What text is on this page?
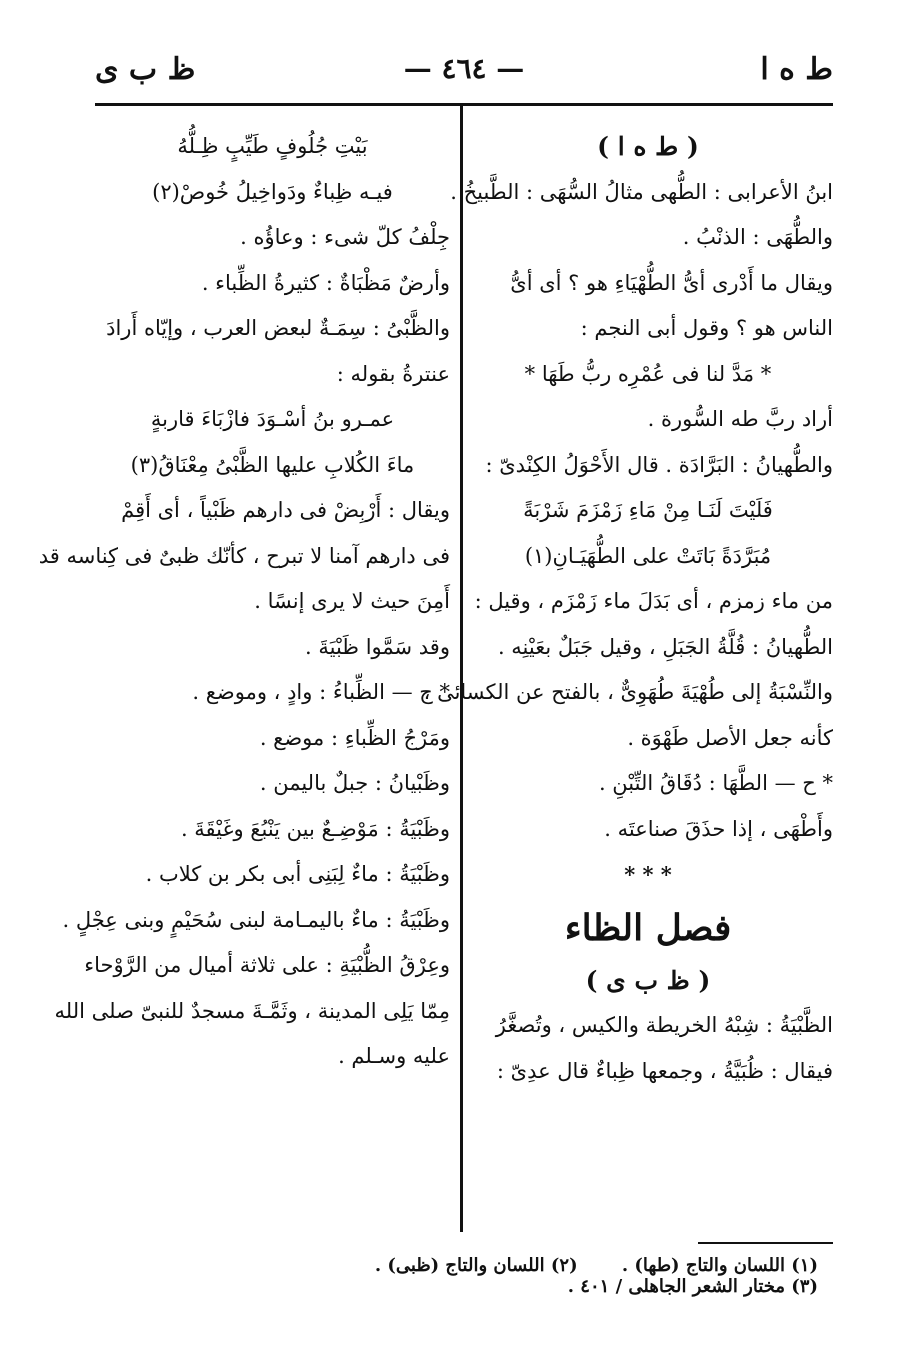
ط ه ا
— ٤٦٤ —
ظ ب ى
( ط ه ا )
ابنُ الأعرابى : الطُّهى مثالُ السُّهَى : الطَّبيخُ .
والطُّهَى : الذنْبُ .
ويقال ما أَدْرى أىُّ الطُّهْيَاءِ هو ؟ أى أىُّ
الناس هو ؟ وقول أبى النجم :
* مَدَّ لنا فى عُمْرِه ربُّ طَهَا *
أراد ربَّ طه السُّورة .
والطُّهيانُ : البَرَّادَة . قال الأَحْوَلُ الكِنْدىّ :
فَلَيْتَ لَنَـا مِنْ مَاءِ زَمْزَمَ شَرْبَةً
مُبَرَّدَةً بَاتَتْ على الطُّهَيَـانِ(١)
من ماء زمزم ، أى بَدَلَ ماء زَمْزَم ، وقيل :
الطُّهيانُ : قُلَّةُ الجَبَلِ ، وقيل جَبَلٌ بعَيْنِه .
والنِّسْبَةُ إلى طُهْيَةَ طُهَوِىٌّ ، بالفتح عن الكسائى ،
كأنه جعل الأصل طَهْوَة .
* ح — الطَّهَا : دُقَاقُ التِّبْنِ .
وأَطْهَى ، إذا حذَقَ صناعتَه .
* * *
فصل الظاء
( ظ ب ى )
الظَّبْيَةُ : شِبْهُ الخريطة والكيس ، وتُصغَّرُ
فيقال : ظُبَيَّةُ ، وجمعها ظِباءٌ قال عدِىّ :
بَيْتِ جُلُوفٍ طَيِّبٍ ظِـلُّهُ
فيـه ظِباءٌ ودَواخِيلُ خُوصْ(٢)
جِلْفُ كلّ شىء : وعاؤُه .
وأرضٌ مَظْبَاةٌ : كثيرةُ الظِّباء .
والظَّبْىُ : سِمَـةٌ لبعض العرب ، وإيّاه أَرادَ
عنترةُ بقوله :
عمـرو بنُ أسْـوَدَ فازْبَاءَ قاربةٍ
ماءَ الكُلابِ عليها الظَّبْىُ مِعْنَاقُ(٣)
ويقال : أَرْبِضْ فى دارهم ظَبْياً ، أى أَقِمْ
فى دارهم آمنا لا تبرح ، كأنّك ظبىٌ فى كِناسه قد
أَمِنَ حيث لا يرى إنسًا .
وقد سَمَّوا ظَبْيَةَ .
* ح — الظِّباءُ : وادٍ ، وموضع .
ومَرْجُ الظِّباءِ : موضع .
وظَبْيانُ : جبلٌ باليمن .
وظَبْيَةُ : مَوْضِـعٌ بين يَنْبُعَ وغَيْقَةَ .
وظَبْيَةُ : ماءٌ لِبَنِى أبى بكر بن كلاب .
وظَبْيَةُ : ماءٌ باليمـامة لبنى سُحَيْمٍ وبنى عِجْلٍ .
وعِرْقُ الظُّبْيَةِ : على ثلاثة أميال من الرَّوْحاء
مِمّا يَلِى المدينة ، وثَمَّـةَ مسجدٌ للنبىّ صلى الله
عليه وسـلم .
(١) اللسان والتاج (طها) . (٢) اللسان والتاج (ظبى) . (٣) مختار الشعر الجاهلى / ٤٠١ .
